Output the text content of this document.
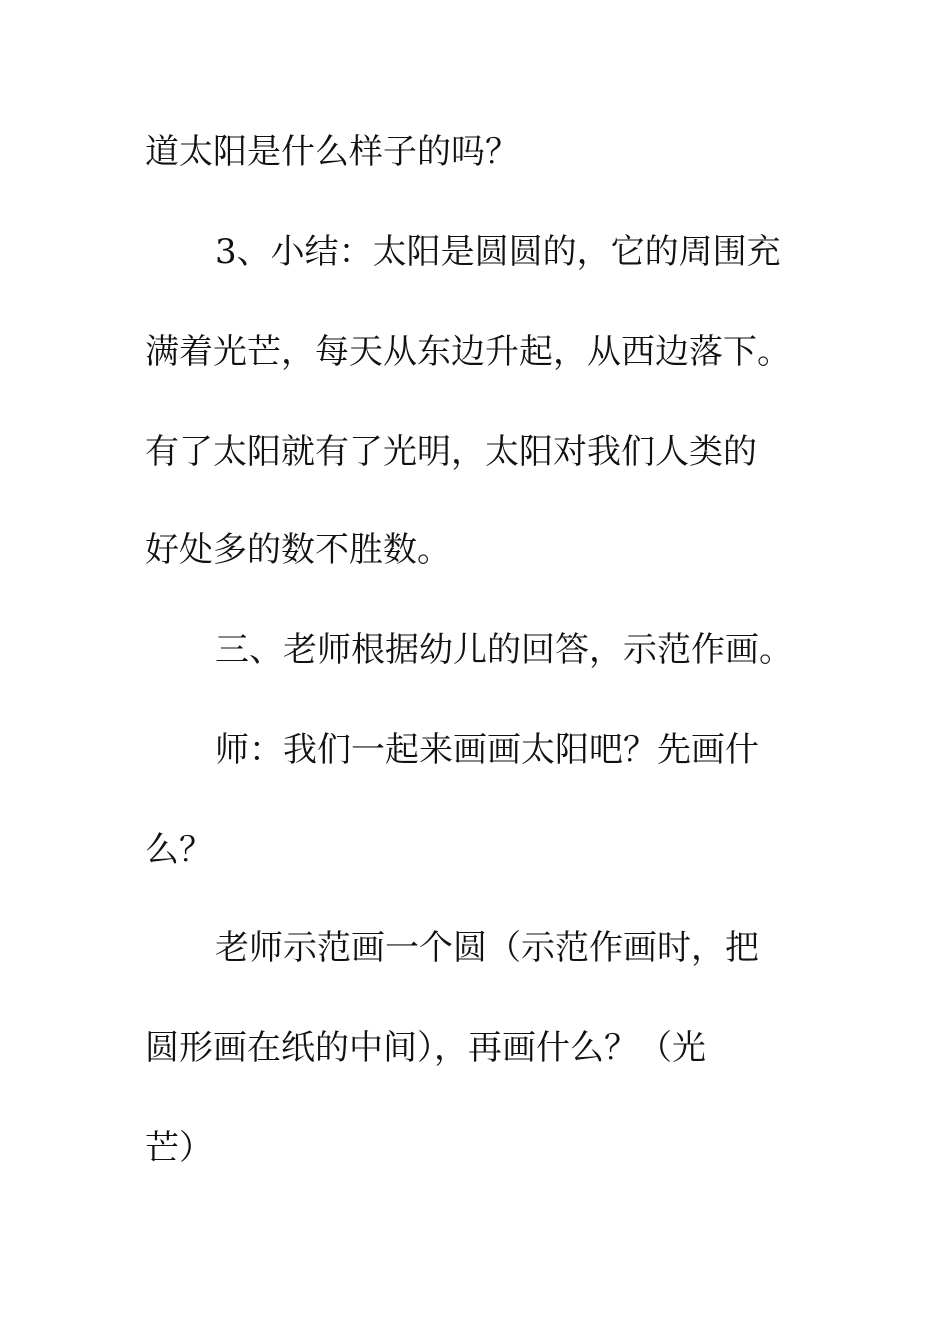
道太阳是什么样子的吗？
3、小结：太阳是圆圆的，它的周围充
满着光芒，每天从东边升起，从西边落下。
有了太阳就有了光明，太阳对我们人类的
好处多的数不胜数。
三、老师根据幼儿的回答，示范作画。
师：我们一起来画画太阳吧？先画什
么？
老师示范画一个圆（示范作画时，把
圆形画在纸的中间），再画什么？（光
芒）
